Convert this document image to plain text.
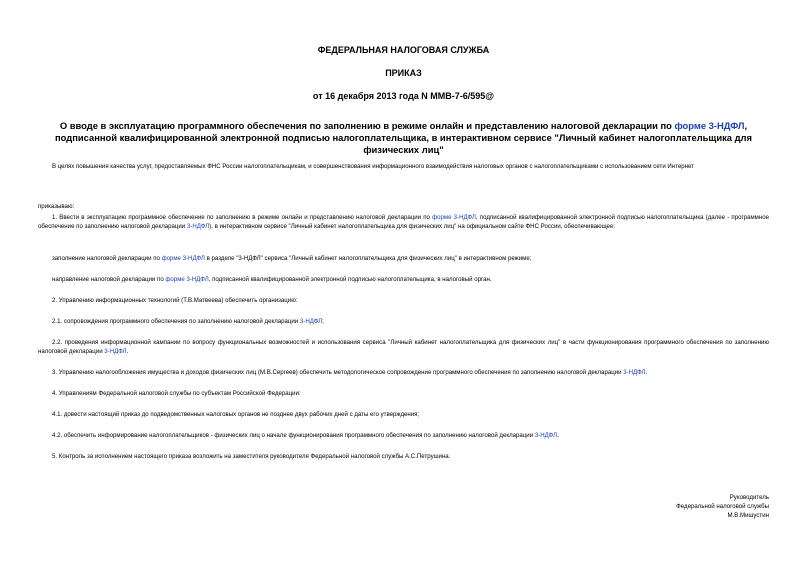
ФЕДЕРАЛЬНАЯ НАЛОГОВАЯ СЛУЖБА
ПРИКАЗ
от 16 декабря 2013 года N ММВ-7-6/595@
О вводе в эксплуатацию программного обеспечения по заполнению в режиме онлайн и представлению налоговой декларации по форме 3-НДФЛ, подписанной квалифицированной электронной подписью налогоплательщика, в интерактивном сервисе "Личный кабинет налогоплательщика для физических лиц"

В целях повышения качества услуг, предоставляемых ФНС России налогоплательщикам, и совершенствования информационного взаимодействия налоговых органов с налогоплательщиками с использованием сети Интернет

приказываю:

1. Ввести в эксплуатацию программное обеспечение по заполнению в режиме онлайн и представлению налоговой декларации по форме 3-НДФЛ, подписанной квалифицированной электронной подписью налогоплательщика (далее - программное обеспечение по заполнению налоговой декларации 3-НДФЛ), в интерактивном сервисе "Личный кабинет налогоплательщика для физических лиц" на официальном сайте ФНС России, обеспечивающее:

заполнение налоговой декларации по форме 3-НДФЛ в разделе "3-НДФЛ" сервиса "Личный кабинет налогоплательщика для физических лиц" в интерактивном режиме;

направление налоговой декларации по форме 3-НДФЛ, подписанной квалифицированной электронной подписью налогоплательщика, в налоговый орган.

2. Управлению информационных технологий (Т.В.Матвеева) обеспечить организацию:

2.1. сопровождения программного обеспечения по заполнению налоговой декларации 3-НДФЛ;

2.2. проведения информационной кампании по вопросу функциональных возможностей и использования сервиса "Личный кабинет налогоплательщика для физических лиц" в части функционирования программного обеспечения по заполнению налоговой декларации 3-НДФЛ.

3. Управлению налогообложения имущества и доходов физических лиц (М.В.Сергеев) обеспечить методологическое сопровождение программного обеспечения по заполнению налоговой декларации 3-НДФЛ.

4. Управлениям Федеральной налоговой службы по субъектам Российской Федерации:

4.1. довести настоящий приказ до подведомственных налоговых органов не позднее двух рабочих дней с даты его утверждения;

4.2. обеспечить информирование налогоплательщиков - физических лиц о начале функционирования программного обеспечения по заполнению налоговой декларации 3-НДФЛ.

5. Контроль за исполнением настоящего приказа возложить на заместителя руководителя Федеральной налоговой службы А.С.Петрушина.

Руководитель
Федеральной налоговой службы
М.В.Мишустин
